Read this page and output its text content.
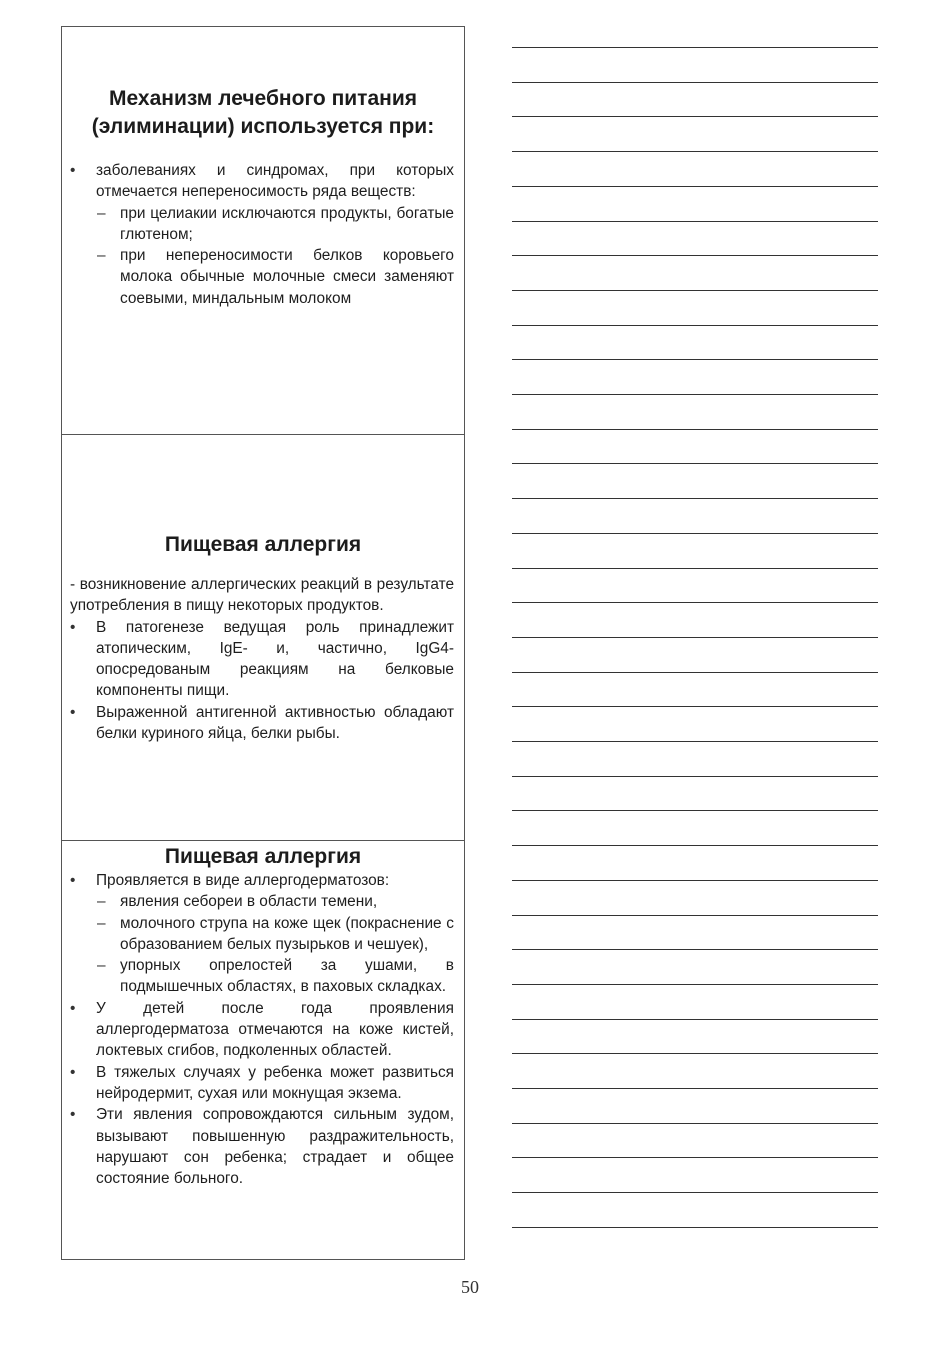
Механизм лечебного питания (элиминации) используется при:
• заболеваниях и синдромах, при которых отмечается непереносимость ряда веществ:
– при целиакии исключаются продукты, богатые глютеном;
– при непереносимости белков коровьего молока обычные молочные смеси заменяют соевыми, миндальным молоком
Пищевая аллергия
- возникновение аллергических реакций в результате употребления в пищу некоторых продуктов.
• В патогенезе ведущая роль принадлежит атопическим, IgE- и, частично, IgG4-опосредованым реакциям на белковые компоненты пищи.
• Выраженной антигенной активностью обладают белки куриного яйца, белки рыбы.
Пищевая аллергия
• Проявляется в виде аллергодерматозов:
– явления себореи в области темени,
– молочного струпа на коже щек (покраснение с образованием белых пузырьков и чешуек),
– упорных опрелостей за ушами, в подмышечных областях, в паховых складках.
• У детей после года проявления аллергодерматоза отмечаются на коже кистей, локтевых сгибов, подколенных областей.
• В тяжелых случаях у ребенка может развиться нейродермит, сухая или мокнущая экзема.
• Эти явления сопровождаются сильным зудом, вызывают повышенную раздражительность, нарушают сон ребенка; страдает и общее состояние больного.
50
